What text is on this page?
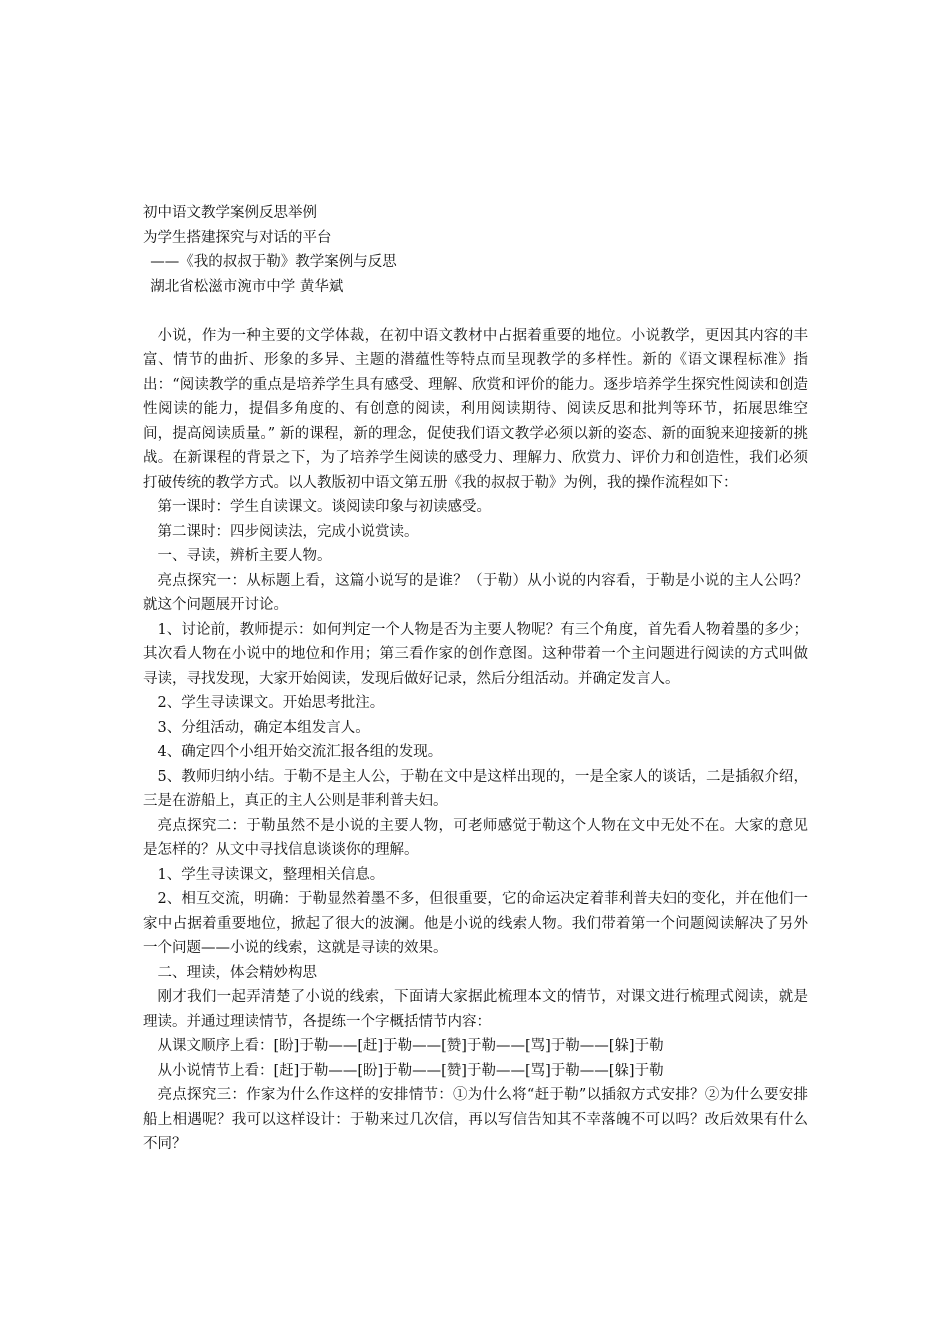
初中语文教学案例反思举例
为学生搭建探究与对话的平台
——《我的叔叔于勒》教学案例与反思
湖北省松滋市涴市中学 黄华斌

小说，作为一种主要的文学体裁，在初中语文教材中占据着重要的地位。小说教学，更因其内容的丰富、情节的曲折、形象的多异、主题的潜蕴性等特点而呈现教学的多样性。新的《语文课程标准》指出：“阅读教学的重点是培养学生具有感受、理解、欣赏和评价的能力。逐步培养学生探究性阅读和创造性阅读的能力，提倡多角度的、有创意的阅读，利用阅读期待、阅读反思和批判等环节，拓展思维空间，提高阅读质量。” 新的课程，新的理念，促使我们语文教学必须以新的姿态、新的面貌来迎接新的挑战。在新课程的背景之下，为了培养学生阅读的感受力、理解力、欣赏力、评价力和创造性，我们必须打破传统的教学方式。以人教版初中语文第五册《我的叔叔于勒》为例，我的操作流程如下：

第一课时：学生自读课文。谈阅读印象与初读感受。

第二课时：四步阅读法，完成小说赏读。

一、寻读，辨析主要人物。

亮点探究一：从标题上看，这篇小说写的是谁？（于勒）从小说的内容看，于勒是小说的主人公吗？就这个问题展开讨论。

1、讨论前，教师提示：如何判定一个人物是否为主要人物呢？有三个角度，首先看人物着墨的多少；其次看人物在小说中的地位和作用；第三看作家的创作意图。这种带着一个主问题进行阅读的方式叫做寻读，寻找发现，大家开始阅读，发现后做好记录，然后分组活动。并确定发言人。

2、学生寻读课文。开始思考批注。

3、分组活动，确定本组发言人。

4、确定四个小组开始交流汇报各组的发现。

5、教师归纳小结。于勒不是主人公，于勒在文中是这样出现的，一是全家人的谈话，二是插叙介绍，三是在游船上，真正的主人公则是菲利普夫妇。

亮点探究二：于勒虽然不是小说的主要人物，可老师感觉于勒这个人物在文中无处不在。大家的意见是怎样的？从文中寻找信息谈谈你的理解。

1、学生寻读课文，整理相关信息。

2、相互交流，明确：于勒显然着墨不多，但很重要，它的命运决定着菲利普夫妇的变化，并在他们一家中占据着重要地位，掀起了很大的波澜。他是小说的线索人物。我们带着第一个问题阅读解决了另外一个问题——小说的线索，这就是寻读的效果。

二、理读，体会精妙构思

刚才我们一起弄清楚了小说的线索，下面请大家据此梳理本文的情节，对课文进行梳理式阅读，就是理读。并通过理读情节，各提练一个字概括情节内容：

从课文顺序上看：[盼]于勒——[赶]于勒——[赞]于勒——[骂]于勒——[躲]于勒

从小说情节上看：[赶]于勒——[盼]于勒——[赞]于勒——[骂]于勒——[躲]于勒

亮点探究三：作家为什么作这样的安排情节：①为什么将“赶于勒”以插叙方式安排？②为什么要安排船上相遇呢？我可以这样设计：于勒来过几次信，再以写信告知其不幸落魄不可以吗？改后效果有什么不同？
